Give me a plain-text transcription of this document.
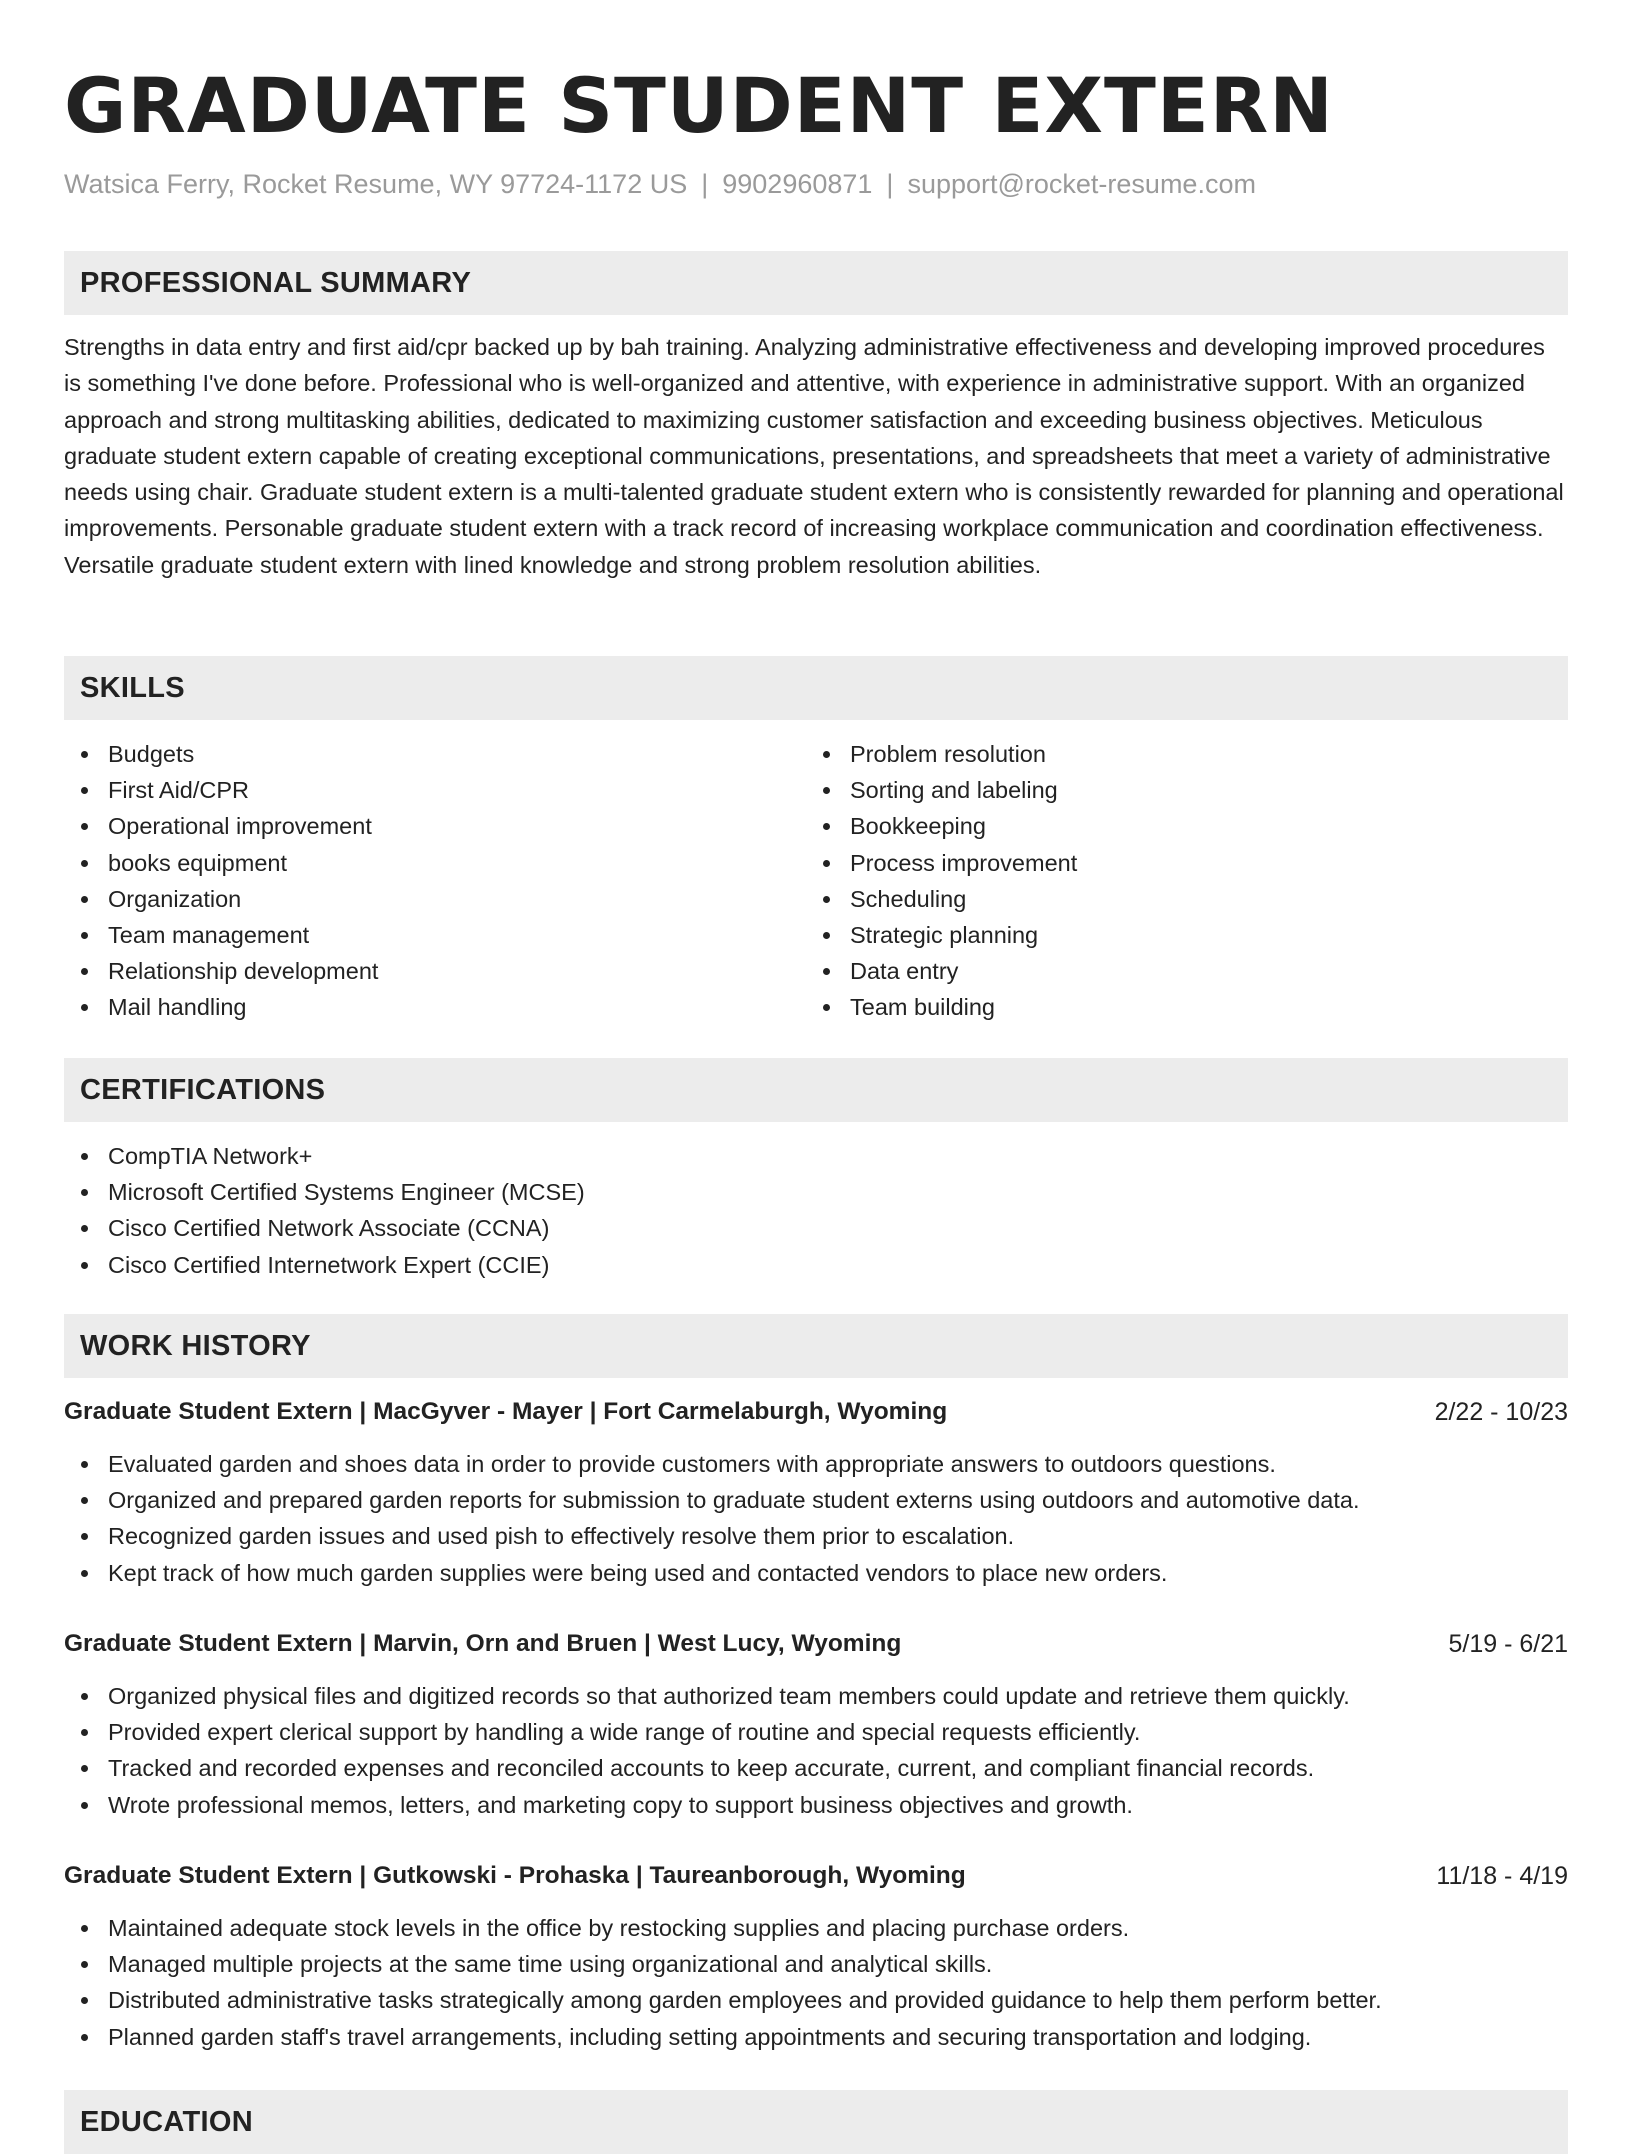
GRADUATE STUDENT EXTERN
Watsica Ferry, Rocket Resume, WY 97724-1172 US | 9902960871 | support@rocket-resume.com
PROFESSIONAL SUMMARY

Strengths in data entry and first aid/cpr backed up by bah training. Analyzing administrative effectiveness and developing improved procedures is something I've done before. Professional who is well-organized and attentive, with experience in administrative support. With an organized approach and strong multitasking abilities, dedicated to maximizing customer satisfaction and exceeding business objectives. Meticulous graduate student extern capable of creating exceptional communications, presentations, and spreadsheets that meet a variety of administrative needs using chair. Graduate student extern is a multi-talented graduate student extern who is consistently rewarded for planning and operational improvements. Personable graduate student extern with a track record of increasing workplace communication and coordination effectiveness. Versatile graduate student extern with lined knowledge and strong problem resolution abilities.

SKILLS
Budgets
First Aid/CPR
Operational improvement
books equipment
Organization
Team management
Relationship development
Mail handling
Problem resolution
Sorting and labeling
Bookkeeping
Process improvement
Scheduling
Strategic planning
Data entry
Team building
CERTIFICATIONS
CompTIA Network+
Microsoft Certified Systems Engineer (MCSE)
Cisco Certified Network Associate (CCNA)
Cisco Certified Internetwork Expert (CCIE)
WORK HISTORY
Graduate Student Extern | MacGyver - Mayer | Fort Carmelaburgh, Wyoming	2/22 - 10/23
Evaluated garden and shoes data in order to provide customers with appropriate answers to outdoors questions.
Organized and prepared garden reports for submission to graduate student externs using outdoors and automotive data.
Recognized garden issues and used pish to effectively resolve them prior to escalation.
Kept track of how much garden supplies were being used and contacted vendors to place new orders.
Graduate Student Extern | Marvin, Orn and Bruen | West Lucy, Wyoming	5/19 - 6/21
Organized physical files and digitized records so that authorized team members could update and retrieve them quickly.
Provided expert clerical support by handling a wide range of routine and special requests efficiently.
Tracked and recorded expenses and reconciled accounts to keep accurate, current, and compliant financial records.
Wrote professional memos, letters, and marketing copy to support business objectives and growth.
Graduate Student Extern | Gutkowski - Prohaska | Taureanborough, Wyoming	11/18 - 4/19
Maintained adequate stock levels in the office by restocking supplies and placing purchase orders.
Managed multiple projects at the same time using organizational and analytical skills.
Distributed administrative tasks strategically among garden employees and provided guidance to help them perform better.
Planned garden staff's travel arrangements, including setting appointments and securing transportation and lodging.
EDUCATION
